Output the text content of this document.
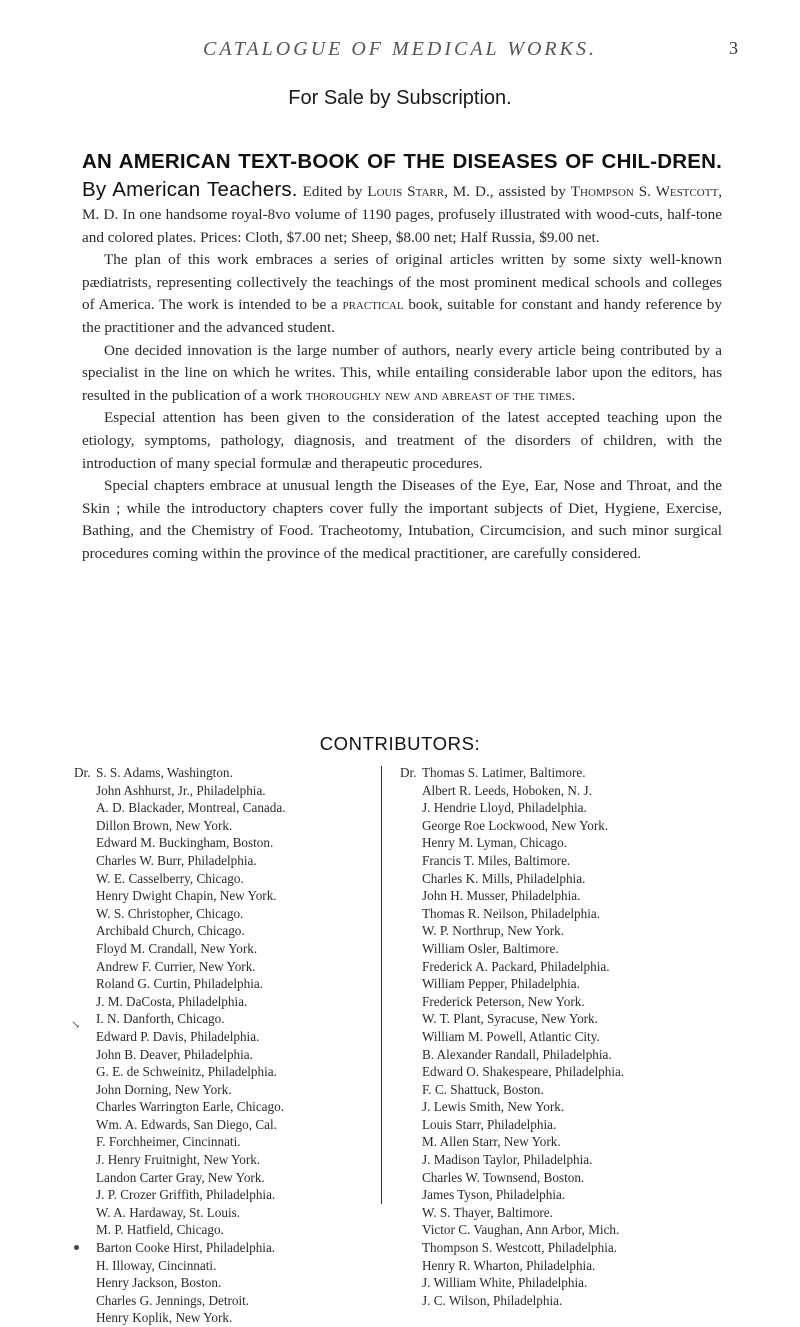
CATALOGUE OF MEDICAL WORKS.	3
For Sale by Subscription.

AN AMERICAN TEXT-BOOK OF THE DISEASES OF CHIL-DREN. By American Teachers. Edited by Louis Starr, M. D., assisted by Thompson S. Westcott, M. D. In one handsome royal-8vo volume of 1190 pages, profusely illustrated with wood-cuts, half-tone and colored plates. Prices: Cloth, $7.00 net; Sheep, $8.00 net; Half Russia, $9.00 net.

The plan of this work embraces a series of original articles written by some sixty well-known pædiatrists, representing collectively the teachings of the most prominent medical schools and colleges of America. The work is intended to be a practical book, suitable for constant and handy reference by the practitioner and the advanced student.

One decided innovation is the large number of authors, nearly every article being contributed by a specialist in the line on which he writes. This, while entailing considerable labor upon the editors, has resulted in the publication of a work thoroughly new and abreast of the times.

Especial attention has been given to the consideration of the latest accepted teaching upon the etiology, symptoms, pathology, diagnosis, and treatment of the disorders of children, with the introduction of many special formulæ and therapeutic procedures.

Special chapters embrace at unusual length the Diseases of the Eye, Ear, Nose and Throat, and the Skin ; while the introductory chapters cover fully the important subjects of Diet, Hygiene, Exercise, Bathing, and the Chemistry of Food. Tracheotomy, Intubation, Circumcision, and such minor surgical procedures coming within the province of the medical practitioner, are carefully considered.

CONTRIBUTORS:
Dr. S. S. Adams, Washington.
John Ashhurst, Jr., Philadelphia.
A. D. Blackader, Montreal, Canada.
Dillon Brown, New York.
Edward M. Buckingham, Boston.
Charles W. Burr, Philadelphia.
W. E. Casselberry, Chicago.
Henry Dwight Chapin, New York.
W. S. Christopher, Chicago.
Archibald Church, Chicago.
Floyd M. Crandall, New York.
Andrew F. Currier, New York.
Roland G. Curtin, Philadelphia.
J. M. DaCosta, Philadelphia.
I. N. Danforth, Chicago.
Edward P. Davis, Philadelphia.
John B. Deaver, Philadelphia.
G. E. de Schweinitz, Philadelphia.
John Dorning, New York.
Charles Warrington Earle, Chicago.
Wm. A. Edwards, San Diego, Cal.
F. Forchheimer, Cincinnati.
J. Henry Fruitnight, New York.
Landon Carter Gray, New York.
J. P. Crozer Griffith, Philadelphia.
W. A. Hardaway, St. Louis.
M. P. Hatfield, Chicago.
Barton Cooke Hirst, Philadelphia.
H. Illoway, Cincinnati.
Henry Jackson, Boston.
Charles G. Jennings, Detroit.
Henry Koplik, New York.
Dr. Thomas S. Latimer, Baltimore.
Albert R. Leeds, Hoboken, N. J.
J. Hendrie Lloyd, Philadelphia.
George Roe Lockwood, New York.
Henry M. Lyman, Chicago.
Francis T. Miles, Baltimore.
Charles K. Mills, Philadelphia.
John H. Musser, Philadelphia.
Thomas R. Neilson, Philadelphia.
W. P. Northrup, New York.
William Osler, Baltimore.
Frederick A. Packard, Philadelphia.
William Pepper, Philadelphia.
Frederick Peterson, New York.
W. T. Plant, Syracuse, New York.
William M. Powell, Atlantic City.
B. Alexander Randall, Philadelphia.
Edward O. Shakespeare, Philadelphia.
F. C. Shattuck, Boston.
J. Lewis Smith, New York.
Louis Starr, Philadelphia.
M. Allen Starr, New York.
J. Madison Taylor, Philadelphia.
Charles W. Townsend, Boston.
James Tyson, Philadelphia.
W. S. Thayer, Baltimore.
Victor C. Vaughan, Ann Arbor, Mich.
Thompson S. Westcott, Philadelphia.
Henry R. Wharton, Philadelphia.
J. William White, Philadelphia.
J. C. Wilson, Philadelphia.
↘
